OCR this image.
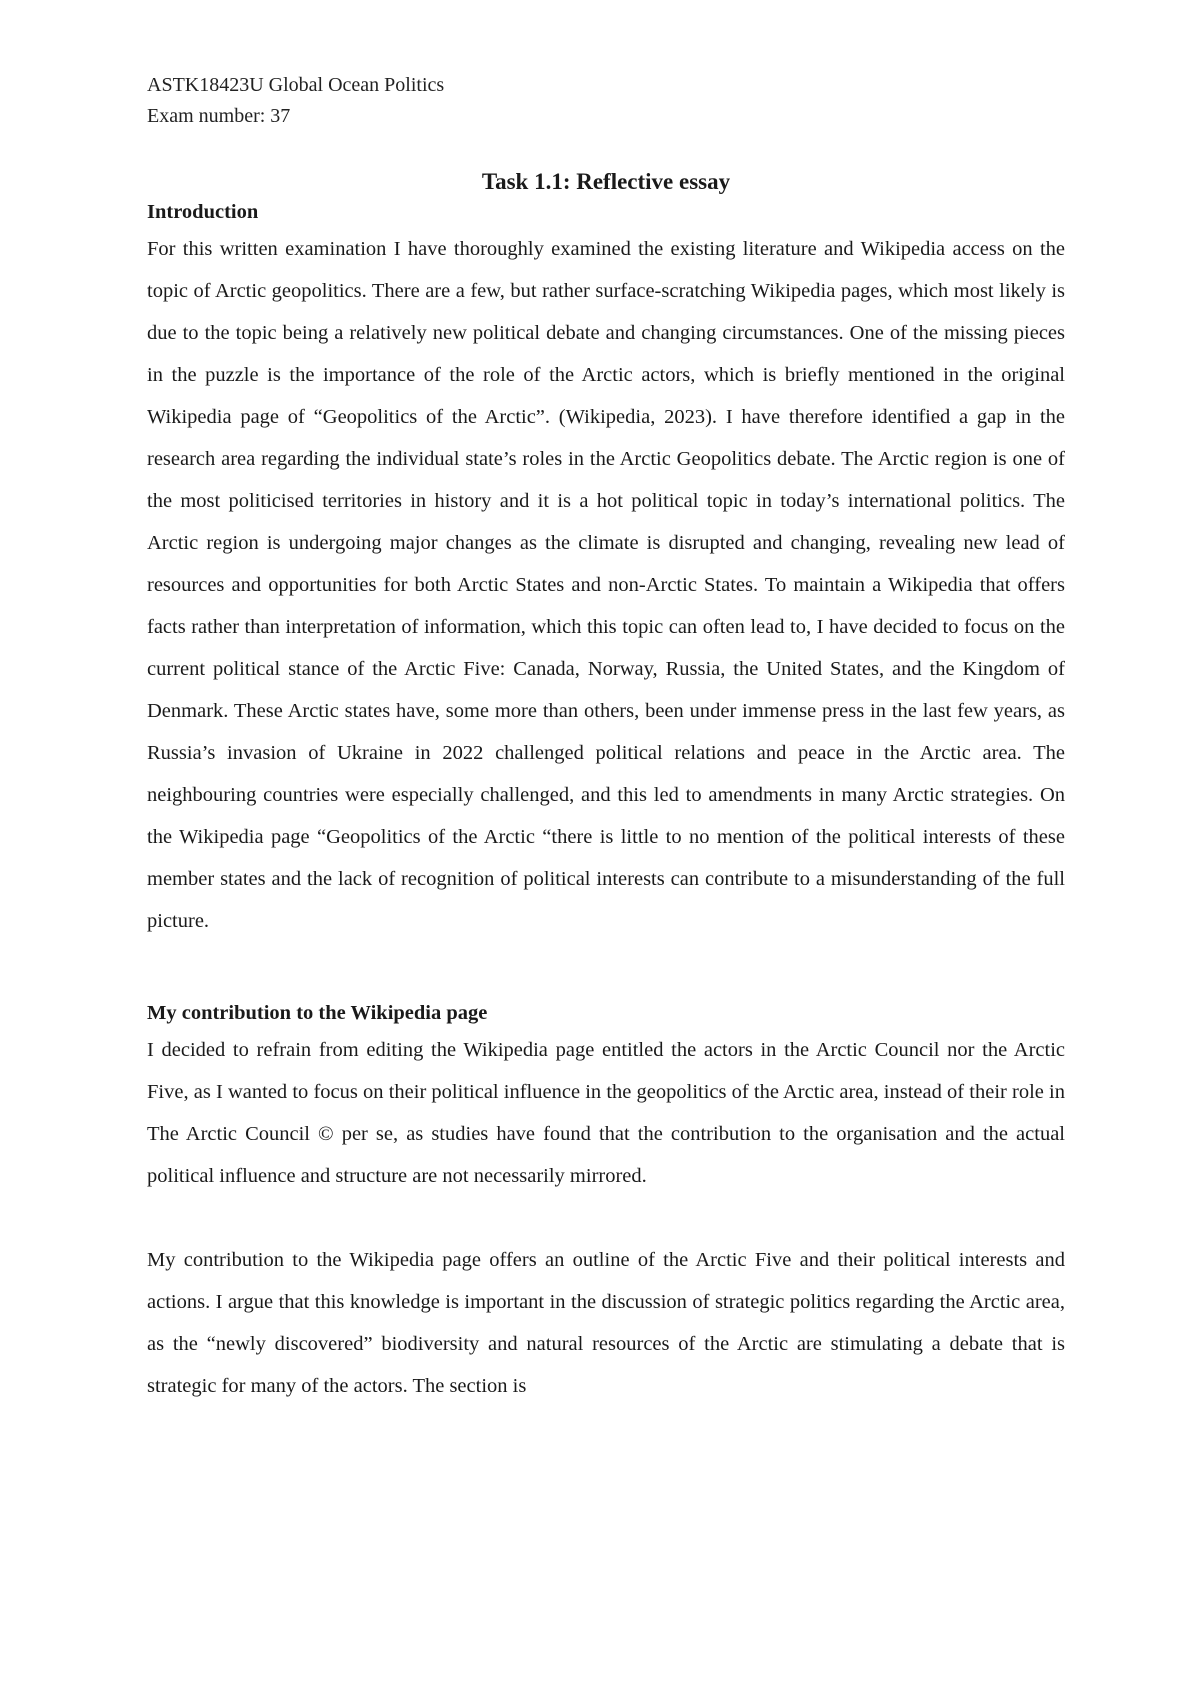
ASTK18423U Global Ocean Politics
Exam number: 37
Task 1.1: Reflective essay
Introduction

For this written examination I have thoroughly examined the existing literature and Wikipedia access on the topic of Arctic geopolitics. There are a few, but rather surface-scratching Wikipedia pages, which most likely is due to the topic being a relatively new political debate and changing circumstances. One of the missing pieces in the puzzle is the importance of the role of the Arctic actors, which is briefly mentioned in the original Wikipedia page of “Geopolitics of the Arctic”. (Wikipedia, 2023). I have therefore identified a gap in the research area regarding the individual state’s roles in the Arctic Geopolitics debate. The Arctic region is one of the most politicised territories in history and it is a hot political topic in today’s international politics. The Arctic region is undergoing major changes as the climate is disrupted and changing, revealing new lead of resources and opportunities for both Arctic States and non-Arctic States. To maintain a Wikipedia that offers facts rather than interpretation of information, which this topic can often lead to, I have decided to focus on the current political stance of the Arctic Five: Canada, Norway, Russia, the United States, and the Kingdom of Denmark. These Arctic states have, some more than others, been under immense press in the last few years, as Russia’s invasion of Ukraine in 2022 challenged political relations and peace in the Arctic area. The neighbouring countries were especially challenged, and this led to amendments in many Arctic strategies. On the Wikipedia page “Geopolitics of the Arctic “there is little to no mention of the political interests of these member states and the lack of recognition of political interests can contribute to a misunderstanding of the full picture.

My contribution to the Wikipedia page

I decided to refrain from editing the Wikipedia page entitled the actors in the Arctic Council nor the Arctic Five, as I wanted to focus on their political influence in the geopolitics of the Arctic area, instead of their role in The Arctic Council © per se, as studies have found that the contribution to the organisation and the actual political influence and structure are not necessarily mirrored.

My contribution to the Wikipedia page offers an outline of the Arctic Five and their political interests and actions. I argue that this knowledge is important in the discussion of strategic politics regarding the Arctic area, as the “newly discovered” biodiversity and natural resources of the Arctic are stimulating a debate that is strategic for many of the actors. The section is
